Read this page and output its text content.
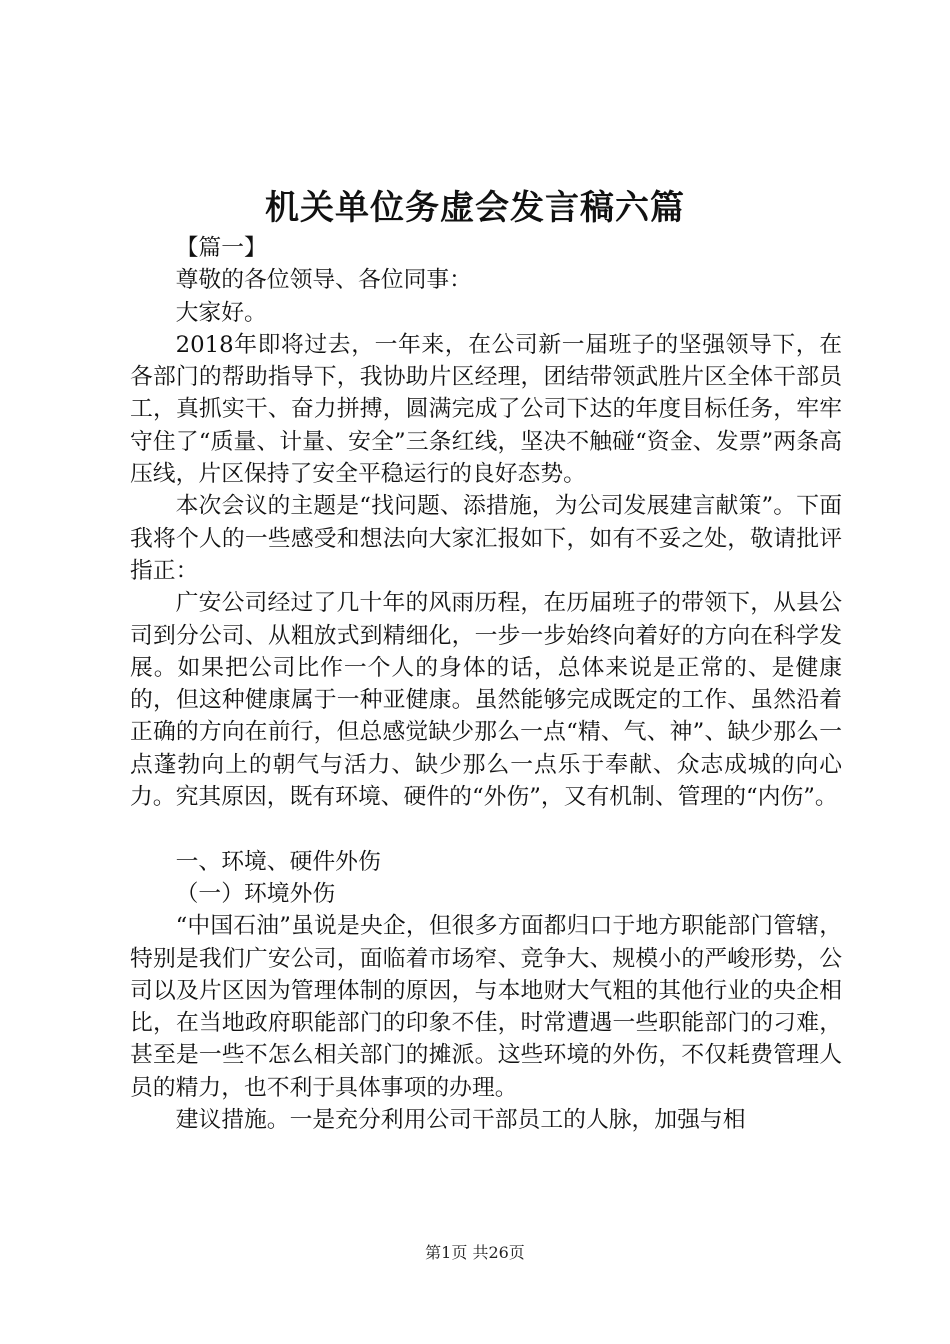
机关单位务虚会发言稿六篇

【篇一】

尊敬的各位领导、各位同事：

大家好。

2018年即将过去，一年来，在公司新一届班子的坚强领导下，在各部门的帮助指导下，我协助片区经理，团结带领武胜片区全体干部员工，真抓实干、奋力拼搏，圆满完成了公司下达的年度目标任务，牢牢守住了“质量、计量、安全”三条红线，坚决不触碰“资金、发票”两条高压线，片区保持了安全平稳运行的良好态势。

本次会议的主题是“找问题、添措施，为公司发展建言献策”。下面我将个人的一些感受和想法向大家汇报如下，如有不妥之处，敬请批评指正：

广安公司经过了几十年的风雨历程，在历届班子的带领下，从县公司到分公司、从粗放式到精细化，一步一步始终向着好的方向在科学发展。如果把公司比作一个人的身体的话，总体来说是正常的、是健康的，但这种健康属于一种亚健康。虽然能够完成既定的工作、虽然沿着正确的方向在前行，但总感觉缺少那么一点“精、气、神”、缺少那么一点蓬勃向上的朝气与活力、缺少那么一点乐于奉献、众志成城的向心力。究其原因，既有环境、硬件的“外伤”，又有机制、管理的“内伤”。

一、环境、硬件外伤

（一）环境外伤

“中国石油”虽说是央企，但很多方面都归口于地方职能部门管辖，特别是我们广安公司，面临着市场窄、竞争大、规模小的严峻形势，公司以及片区因为管理体制的原因，与本地财大气粗的其他行业的央企相比，在当地政府职能部门的印象不佳，时常遭遇一些职能部门的刁难，甚至是一些不怎么相关部门的摊派。这些环境的外伤，不仅耗费管理人员的精力，也不利于具体事项的办理。

建议措施。一是充分利用公司干部员工的人脉，加强与相

第1页 共26页
